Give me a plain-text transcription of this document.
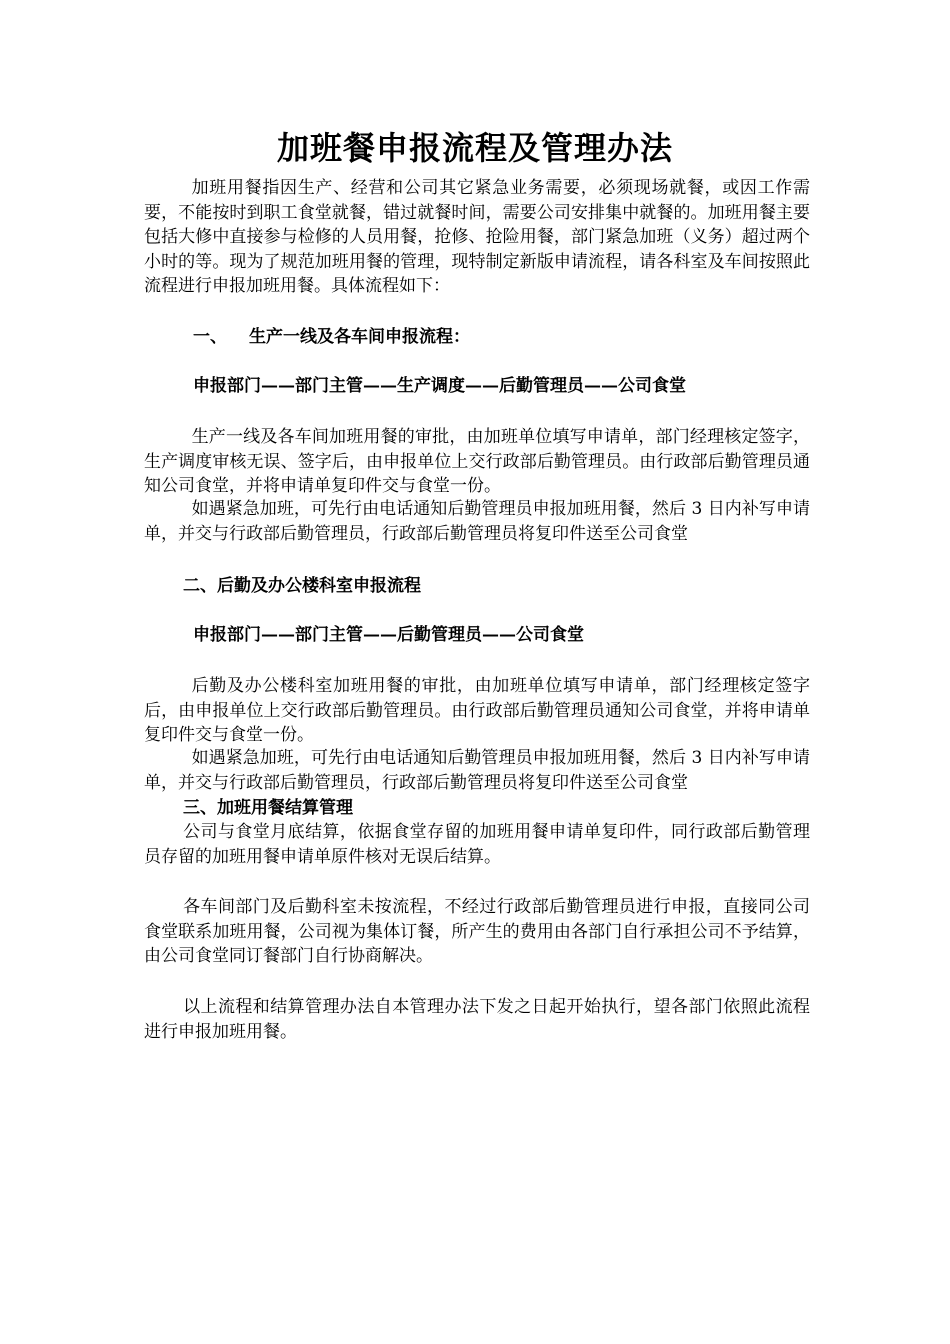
加班餐申报流程及管理办法

加班用餐指因生产、经营和公司其它紧急业务需要，必须现场就餐，或因工作需要，不能按时到职工食堂就餐，错过就餐时间，需要公司安排集中就餐的。加班用餐主要包括大修中直接参与检修的人员用餐，抢修、抢险用餐，部门紧急加班（义务）超过两个小时的等。现为了规范加班用餐的管理，现特制定新版申请流程，请各科室及车间按照此流程进行申报加班用餐。具体流程如下：

一、 生产一线及各车间申报流程：
申报部门——部门主管——生产调度——后勤管理员——公司食堂

生产一线及各车间加班用餐的审批，由加班单位填写申请单，部门经理核定签字，生产调度审核无误、签字后，由申报单位上交行政部后勤管理员。由行政部后勤管理员通知公司食堂，并将申请单复印件交与食堂一份。

如遇紧急加班，可先行由电话通知后勤管理员申报加班用餐，然后 3 日内补写申请单，并交与行政部后勤管理员，行政部后勤管理员将复印件送至公司食堂

二、后勤及办公楼科室申报流程
申报部门——部门主管——后勤管理员——公司食堂

后勤及办公楼科室加班用餐的审批，由加班单位填写申请单，部门经理核定签字后，由申报单位上交行政部后勤管理员。由行政部后勤管理员通知公司食堂，并将申请单复印件交与食堂一份。

如遇紧急加班，可先行由电话通知后勤管理员申报加班用餐，然后 3 日内补写申请单，并交与行政部后勤管理员，行政部后勤管理员将复印件送至公司食堂

三、加班用餐结算管理

公司与食堂月底结算，依据食堂存留的加班用餐申请单复印件，同行政部后勤管理员存留的加班用餐申请单原件核对无误后结算。

各车间部门及后勤科室未按流程，不经过行政部后勤管理员进行申报，直接同公司食堂联系加班用餐，公司视为集体订餐，所产生的费用由各部门自行承担公司不予结算，由公司食堂同订餐部门自行协商解决。

以上流程和结算管理办法自本管理办法下发之日起开始执行，望各部门依照此流程进行申报加班用餐。
